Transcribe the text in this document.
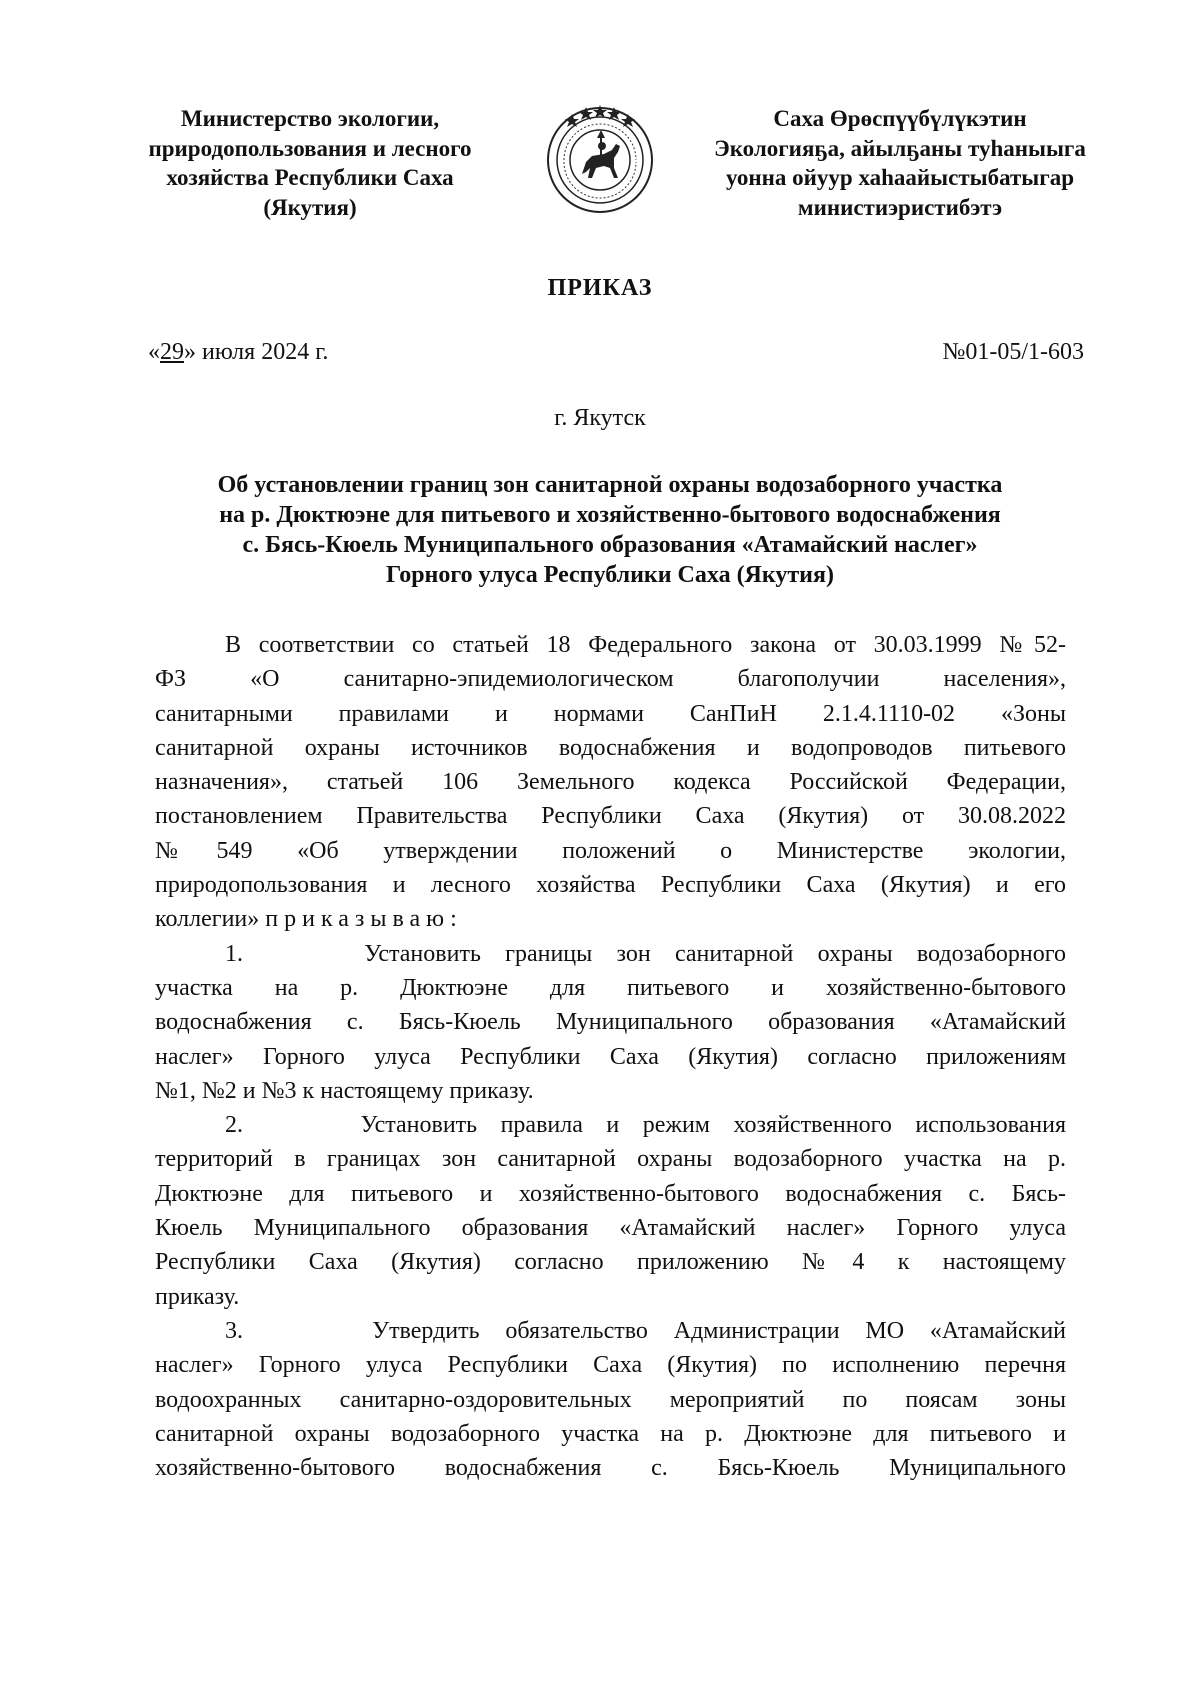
Министерство экологии,
природопользования и лесного
хозяйства Республики Саха
(Якутия)
Саха Өрөспүүбүлүкэтин
Экологияҕа, айылҕаны туһаныыга
уонна ойуур хаһаайыстыбатыгар
министиэристибэтэ
ПРИКАЗ
«29» июля 2024 г.	№01-05/1-603
г. Якутск
Об установлении границ зон санитарной охраны водозаборного участка
на р. Дюктюэне для питьевого и хозяйственно-бытового водоснабжения
с. Бясь-Кюель Муниципального образования «Атамайский наслег»
Горного улуса Республики Саха (Якутия)
В соответствии со статьей 18 Федерального закона от 30.03.1999 №52-
ФЗ «О санитарно-эпидемиологическом благополучии населения»,
санитарными правилами и нормами СанПиН 2.1.4.1110-02 «Зоны
санитарной охраны источников водоснабжения и водопроводов питьевого
назначения», статьей 106 Земельного кодекса Российской Федерации,
постановлением Правительства Республики Саха (Якутия) от 30.08.2022
№549 «Об утверждении положений о Министерстве экологии,
природопользования и лесного хозяйства Республики Саха (Якутия) и его
коллегии» приказываю:
1.	Установить границы зон санитарной охраны водозаборного
участка на р. Дюктюэне для питьевого и хозяйственно-бытового
водоснабжения с. Бясь-Кюель Муниципального образования «Атамайский
наслег» Горного улуса Республики Саха (Якутия) согласно приложениям
№1, №2 и №3 к настоящему приказу.
2.	Установить правила и режим хозяйственного использования
территорий в границах зон санитарной охраны водозаборного участка на р.
Дюктюэне для питьевого и хозяйственно-бытового водоснабжения с. Бясь-
Кюель Муниципального образования «Атамайский наслег» Горного улуса
Республики Саха (Якутия) согласно приложению №4 к настоящему
приказу.
3.	Утвердить обязательство Администрации МО «Атамайский
наслег» Горного улуса Республики Саха (Якутия) по исполнению перечня
водоохранных санитарно-оздоровительных мероприятий по поясам зоны
санитарной охраны водозаборного участка на р. Дюктюэне для питьевого и
хозяйственно-бытового водоснабжения с. Бясь-Кюель Муниципального
